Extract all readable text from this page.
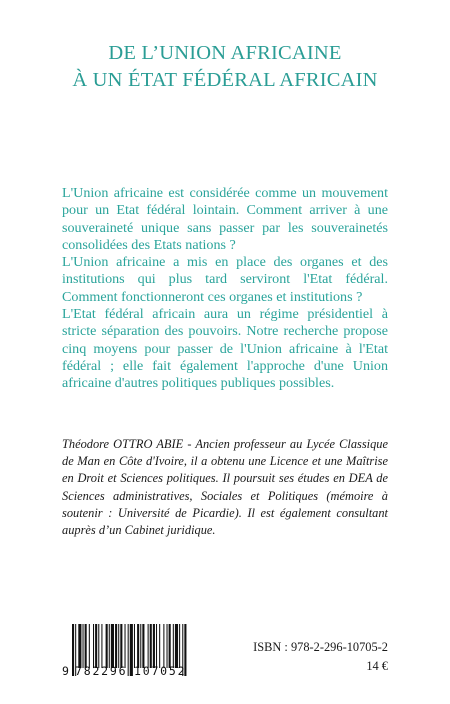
DE L’UNION AFRICAINE
À UN ÉTAT FÉDÉRAL AFRICAIN

L'Union africaine est considérée comme un mouvement pour un Etat fédéral lointain. Comment arriver à une souveraineté unique sans passer par les souverainetés consolidées des Etats nations ?

L'Union africaine a mis en place des organes et des institutions qui plus tard serviront l'Etat fédéral. Comment fonctionneront ces organes et institutions ?

L'Etat fédéral africain aura un régime présidentiel à stricte séparation des pouvoirs. Notre recherche propose cinq moyens pour passer de l'Union africaine à l'Etat fédéral ; elle fait également l'approche d'une Union africaine d'autres politiques publiques possibles.

Théodore OTTRO ABIE - Ancien professeur au Lycée Classique de Man en Côte d'Ivoire, il a obtenu une Licence et une Maîtrise en Droit et Sciences politiques. Il poursuit ses études en DEA de Sciences administratives, Sociales et Politiques (mémoire à soutenir : Université de Picardie). Il est également consultant auprès d’un Cabinet juridique.
9 782296 107052
ISBN : 978-2-296-10705-2
14 €
